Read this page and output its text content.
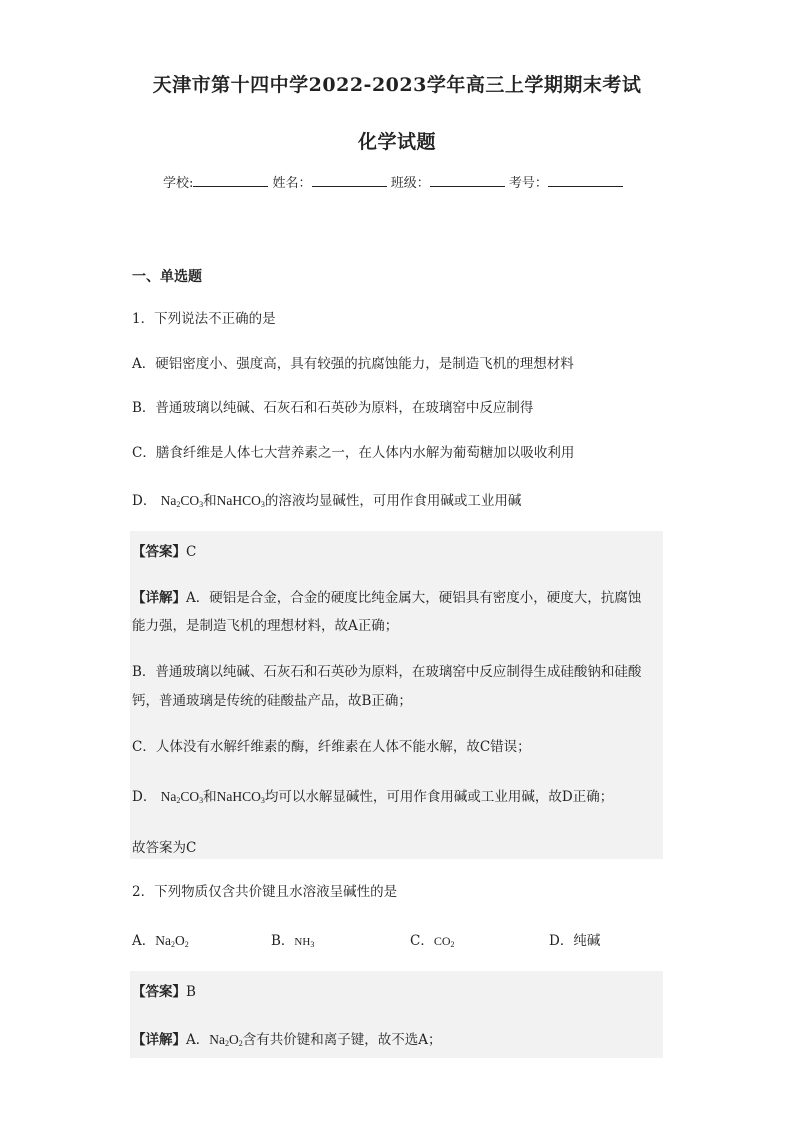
天津市第十四中学2022-2023学年高三上学期期末考试
化学试题
学校:	姓名：	班级：	考号：
一、单选题
1．下列说法不正确的是
A．硬铝密度小、强度高，具有较强的抗腐蚀能力，是制造飞机的理想材料
B．普通玻璃以纯碱、石灰石和石英砂为原料，在玻璃窑中反应制得
C．膳食纤维是人体七大营养素之一，在人体内水解为葡萄糖加以吸收利用
D． $Na_2CO_3$和NaHCO$_3$的溶液均显碱性，可用作食用碱或工业用碱
【答案】C
【详解】A．硬铝是合金，合金的硬度比纯金属大，硬铝具有密度小，硬度大，抗腐蚀
能力强，是制造飞机的理想材料，故A正确；
B．普通玻璃以纯碱、石灰石和石英砂为原料，在玻璃窑中反应制得生成硅酸钠和硅酸
钙，普通玻璃是传统的硅酸盐产品，故B正确；
C．人体没有水解纤维素的酶，纤维素在人体不能水解，故C错误；
D． $Na_2CO_3$和NaHCO$_3$均可以水解显碱性，可用作食用碱或工业用碱，故D正确；
故答案为C
2．下列物质仅含共价键且水溶液呈碱性的是
A．$Na_2O_2$	B．$NH_3$	C．$CO_2$	D．纯碱
【答案】B
【详解】A．$Na_2O_2$含有共价键和离子键，故不选A；
